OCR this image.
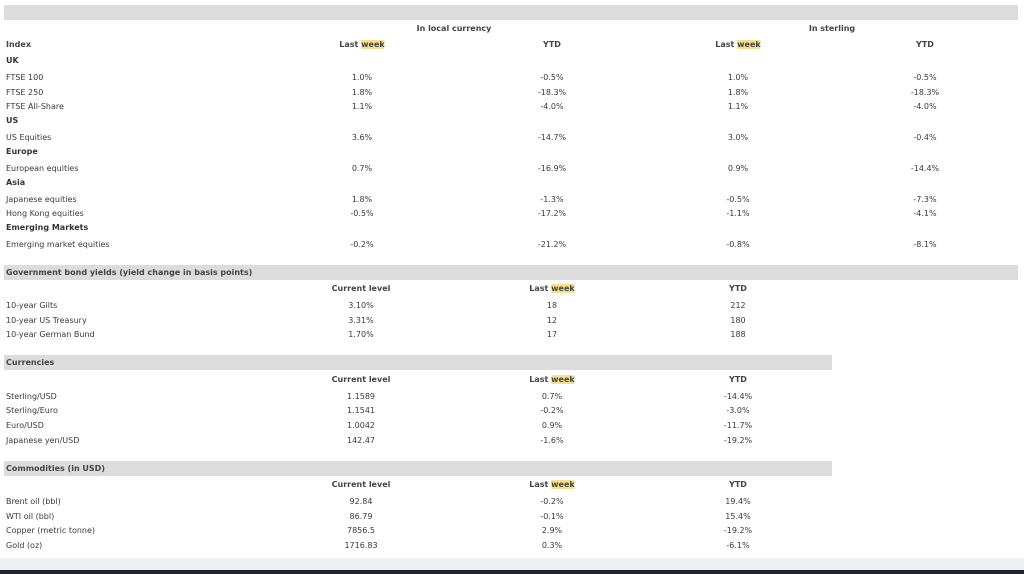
In local currency	In sterling
Index	Last week	YTD	Last week	YTD
UK
FTSE 100	1.0%	-0.5%	1.0%	-0.5%
FTSE 250	1.8%	-18.3%	1.8%	-18.3%
FTSE All-Share	1.1%	-4.0%	1.1%	-4.0%
US
US Equities	3.6%	-14.7%	3.0%	-0.4%
Europe
European equities	0.7%	-16.9%	0.9%	-14.4%
Asia
Japanese equities	1.8%	-1.3%	-0.5%	-7.3%
Hong Kong equities	-0.5%	-17.2%	-1.1%	-4.1%
Emerging Markets
Emerging market equities	-0.2%	-21.2%	-0.8%	-8.1%
Government bond yields (yield change in basis points)
Current level	Last week	YTD
10-year Gilts	3.10%	18	212
10-year US Treasury	3.31%	12	180
10-year German Bund	1.70%	17	188
Currencies
Current level	Last week	YTD
Sterling/USD	1.1589	0.7%	-14.4%
Sterling/Euro	1.1541	-0.2%	-3.0%
Euro/USD	1.0042	0.9%	-11.7%
Japanese yen/USD	142.47	-1.6%	-19.2%
Commodities (in USD)
Current level	Last week	YTD
Brent oil (bbl)	92.84	-0.2%	19.4%
WTI oil (bbl)	86.79	-0.1%	15.4%
Copper (metric tonne)	7856.5	2.9%	-19.2%
Gold (oz)	1716.83	0.3%	-6.1%
